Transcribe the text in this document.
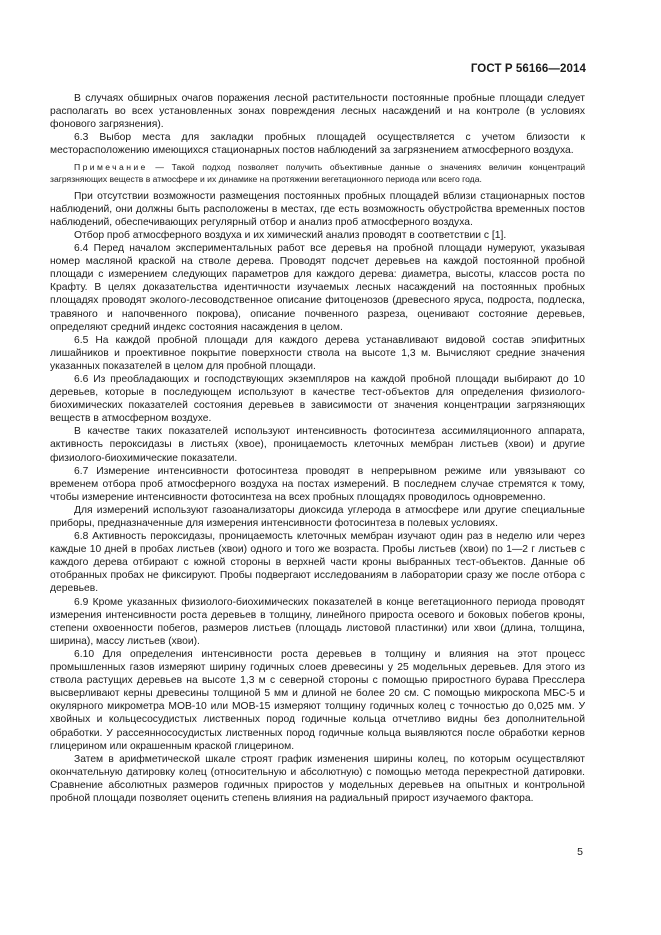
ГОСТ Р 56166—2014

В случаях обширных очагов поражения лесной растительности постоянные пробные площади следует располагать во всех установленных зонах повреждения лесных насаждений и на контроле (в условиях фонового загрязнения).

6.3 Выбор места для закладки пробных площадей осуществляется с учетом близости к месторасположению имеющихся стационарных постов наблюдений за загрязнением атмосферного воздуха.

Примечание — Такой подход позволяет получить объективные данные о значениях величин концентраций загрязняющих веществ в атмосфере и их динамике на протяжении вегетационного периода или всего года.

При отсутствии возможности размещения постоянных пробных площадей вблизи стационарных постов наблюдений, они должны быть расположены в местах, где есть возможность обустройства временных постов наблюдений, обеспечивающих регулярный отбор и анализ проб атмосферного воздуха.

Отбор проб атмосферного воздуха и их химический анализ проводят в соответствии с [1].

6.4 Перед началом экспериментальных работ все деревья на пробной площади нумеруют, указывая номер масляной краской на стволе дерева. Проводят подсчет деревьев на каждой постоянной пробной площади с измерением следующих параметров для каждого дерева: диаметра, высоты, классов роста по Крафту. В целях доказательства идентичности изучаемых лесных насаждений на постоянных пробных площадях проводят эколого-лесоводственное описание фитоценозов (древесного яруса, подроста, подлеска, травяного и напочвенного покрова), описание почвенного разреза, оценивают состояние деревьев, определяют средний индекс состояния насаждения в целом.

6.5 На каждой пробной площади для каждого дерева устанавливают видовой состав эпифитных лишайников и проективное покрытие поверхности ствола на высоте 1,3 м. Вычисляют средние значения указанных показателей в целом для пробной площади.

6.6 Из преобладающих и господствующих экземпляров на каждой пробной площади выбирают до 10 деревьев, которые в последующем используют в качестве тест-объектов для определения физиолого-биохимических показателей состояния деревьев в зависимости от значения концентрации загрязняющих веществ в атмосферном воздухе.

В качестве таких показателей используют интенсивность фотосинтеза ассимиляционного аппарата, активность пероксидазы в листьях (хвое), проницаемость клеточных мембран листьев (хвои) и другие физиолого-биохимические показатели.

6.7 Измерение интенсивности фотосинтеза проводят в непрерывном режиме или увязывают со временем отбора проб атмосферного воздуха на постах измерений. В последнем случае стремятся к тому, чтобы измерение интенсивности фотосинтеза на всех пробных площадях проводилось одновременно.

Для измерений используют газоанализаторы диоксида углерода в атмосфере или другие специальные приборы, предназначенные для измерения интенсивности фотосинтеза в полевых условиях.

6.8 Активность пероксидазы, проницаемость клеточных мембран изучают один раз в неделю или через каждые 10 дней в пробах листьев (хвои) одного и того же возраста. Пробы листьев (хвои) по 1—2 г листьев с каждого дерева отбирают с южной стороны в верхней части кроны выбранных тест-объектов. Данные об отобранных пробах не фиксируют. Пробы подвергают исследованиям в лаборатории сразу же после отбора с деревьев.

6.9 Кроме указанных физиолого-биохимических показателей в конце вегетационного периода проводят измерения интенсивности роста деревьев в толщину, линейного прироста осевого и боковых побегов кроны, степени охвоенности побегов, размеров листьев (площадь листовой пластинки) или хвои (длина, толщина, ширина), массу листьев (хвои).

6.10 Для определения интенсивности роста деревьев в толщину и влияния на этот процесс промышленных газов измеряют ширину годичных слоев древесины у 25 модельных деревьев. Для этого из ствола растущих деревьев на высоте 1,3 м с северной стороны с помощью приростного бурава Пресслера высверливают керны древесины толщиной 5 мм и длиной не более 20 см. С помощью микроскопа МБС-5 и окулярного микрометра МОВ-10 или МОВ-15 измеряют толщину годичных колец с точностью до 0,025 мм. У хвойных и кольцесосудистых лиственных пород годичные кольца отчетливо видны без дополнительной обработки. У рассеяннососудистых лиственных пород годичные кольца выявляются после обработки кернов глицерином или окрашенным краской глицерином.

Затем в арифметической шкале строят график изменения ширины колец, по которым осуществляют окончательную датировку колец (относительную и абсолютную) с помощью метода перекрестной датировки. Сравнение абсолютных размеров годичных приростов у модельных деревьев на опытных и контрольной пробной площади позволяет оценить степень влияния на радиальный прирост изучаемого фактора.

5
